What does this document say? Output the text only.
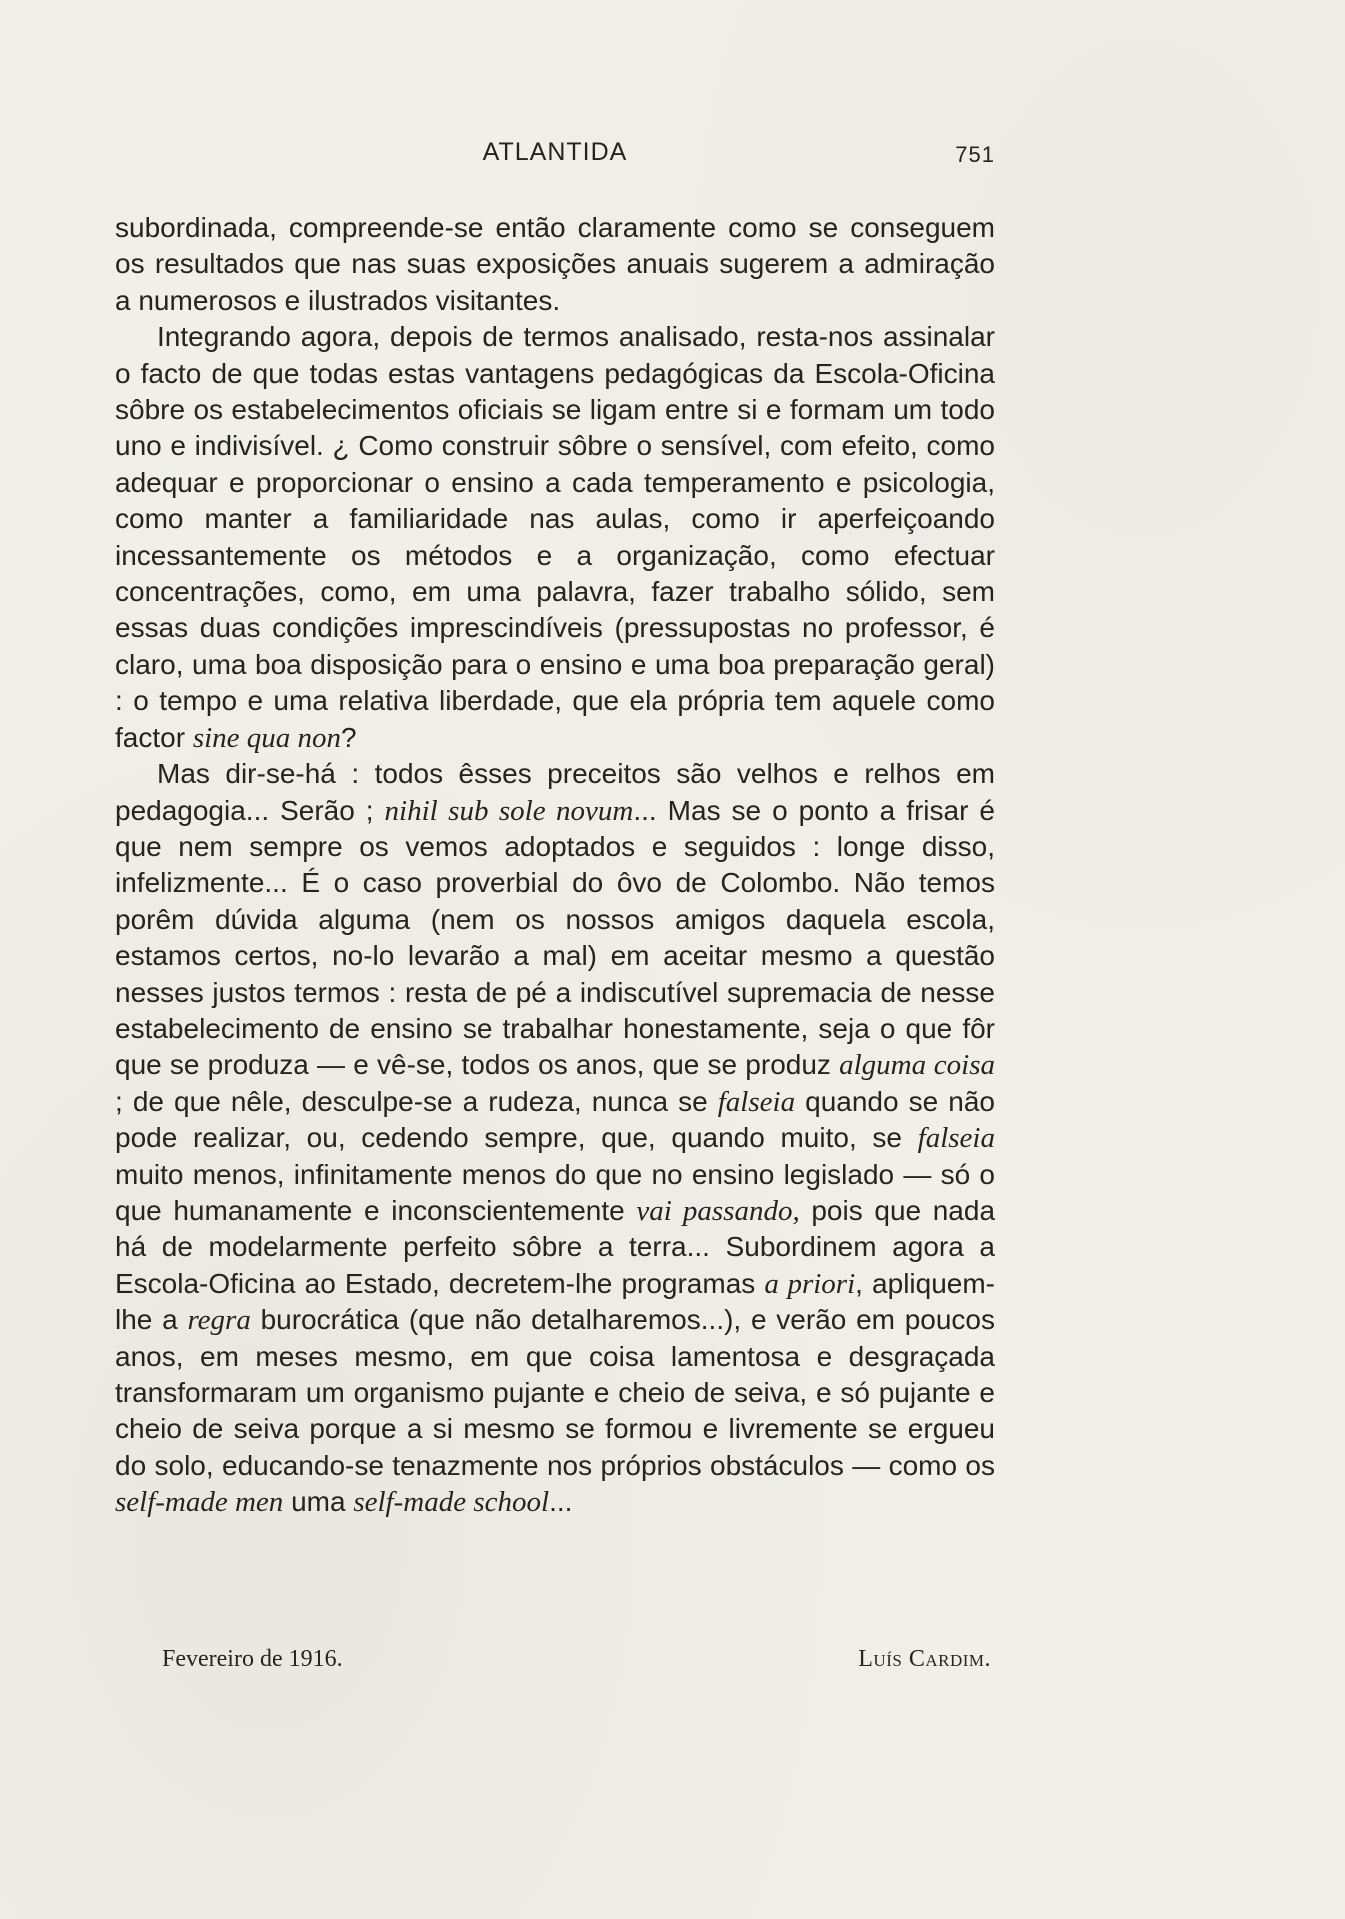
ATLANTIDA	751

subordinada, compreende-se então claramente como se conseguem os resultados que nas suas exposições anuais sugerem a admiração a numerosos e ilustrados visitantes.

Integrando agora, depois de termos analisado, resta-nos assinalar o facto de que todas estas vantagens pedagógicas da Escola-Oficina sôbre os estabelecimentos oficiais se ligam entre si e formam um todo uno e indivisível. ¿ Como construir sôbre o sensível, com efeito, como adequar e proporcionar o ensino a cada temperamento e psicologia, como manter a familiaridade nas aulas, como ir aperfeiçoando incessantemente os métodos e a organização, como efectuar concentrações, como, em uma palavra, fazer trabalho sólido, sem essas duas condições imprescindíveis (pressupostas no professor, é claro, uma boa disposição para o ensino e uma boa preparação geral) : o tempo e uma relativa liberdade, que ela própria tem aquele como factor sine qua non?

Mas dir-se-há : todos êsses preceitos são velhos e relhos em pedagogia... Serão ; nihil sub sole novum... Mas se o ponto a frisar é que nem sempre os vemos adoptados e seguidos : longe disso, infelizmente... É o caso proverbial do ôvo de Colombo. Não temos porêm dúvida alguma (nem os nossos amigos daquela escola, estamos certos, no-lo levarão a mal) em aceitar mesmo a questão nesses justos termos : resta de pé a indiscutível supremacia de nesse estabelecimento de ensino se trabalhar honestamente, seja o que fôr que se produza — e vê-se, todos os anos, que se produz alguma coisa ; de que nêle, desculpe-se a rudeza, nunca se falseia quando se não pode realizar, ou, cedendo sempre, que, quando muito, se falseia muito menos, infinitamente menos do que no ensino legislado — só o que humanamente e inconscientemente vai passando, pois que nada há de modelarmente perfeito sôbre a terra... Subordinem agora a Escola-Oficina ao Estado, decretem-lhe programas a priori, apliquem-lhe a regra burocrática (que não detalharemos...), e verão em poucos anos, em meses mesmo, em que coisa lamentosa e desgraçada transformaram um organismo pujante e cheio de seiva, e só pujante e cheio de seiva porque a si mesmo se formou e livremente se ergueu do solo, educando-se tenazmente nos próprios obstáculos — como os self-made men uma self-made school...

Fevereiro de 1916.	Luís Cardim.
